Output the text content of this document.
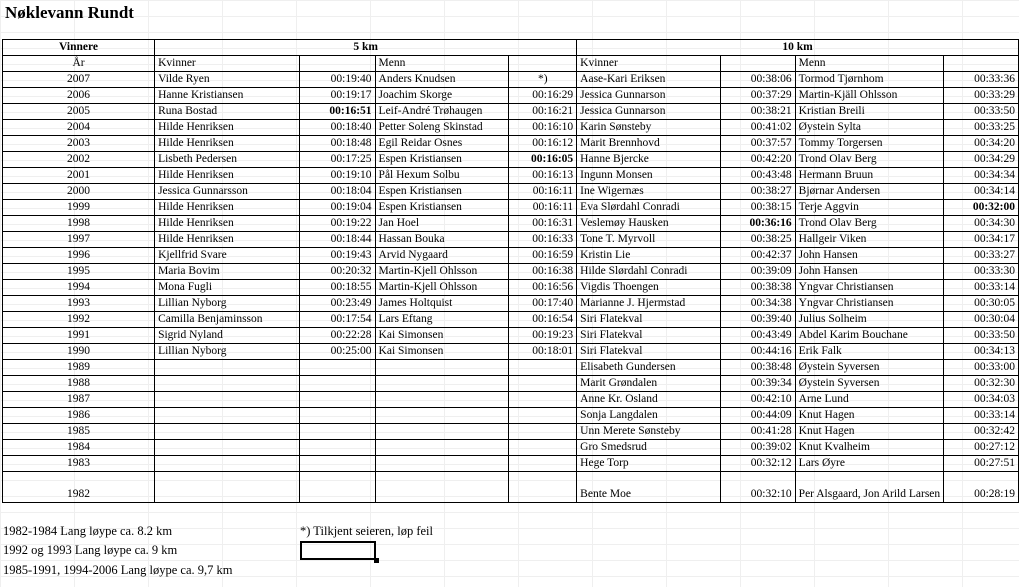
Nøklevann Rundt
Vinnere	5 km				10 km			
År	Kvinner		Menn		Kvinner		Menn	
2007	Vilde Ryen	00:19:40	Anders Knudsen	*)	Aase-Kari Eriksen	00:38:06	Tormod Tjørnhom	00:33:36
2006	Hanne Kristiansen	00:19:17	Joachim Skorge	00:16:29	Jessica Gunnarson	00:37:29	Martin-Kjäll Ohlsson	00:33:29
2005	Runa Bostad	00:16:51	Leif-André Trøhaugen	00:16:21	Jessica Gunnarson	00:38:21	Kristian Breili	00:33:50
2004	Hilde Henriksen	00:18:40	Petter Soleng Skinstad	00:16:10	Karin Sønsteby	00:41:02	Øystein Sylta	00:33:25
2003	Hilde Henriksen	00:18:48	Egil Reidar Osnes	00:16:12	Marit Brennhovd	00:37:57	Tommy Torgersen	00:34:20
2002	Lisbeth Pedersen	00:17:25	Espen Kristiansen	00:16:05	Hanne Bjercke	00:42:20	Trond Olav Berg	00:34:29
2001	Hilde Henriksen	00:19:10	Pål Hexum Solbu	00:16:13	Ingunn Monsen	00:43:48	Hermann Bruun	00:34:34
2000	Jessica Gunnarsson	00:18:04	Espen Kristiansen	00:16:11	Ine Wigernæs	00:38:27	Bjørnar Andersen	00:34:14
1999	Hilde Henriksen	00:19:04	Espen Kristiansen	00:16:11	Eva Slørdahl Conradi	00:38:15	Terje Aggvin	00:32:00
1998	Hilde Henriksen	00:19:22	Jan Hoel	00:16:31	Veslemøy Hausken	00:36:16	Trond Olav Berg	00:34:30
1997	Hilde Henriksen	00:18:44	Hassan Bouka	00:16:33	Tone T. Myrvoll	00:38:25	Hallgeir Viken	00:34:17
1996	Kjellfrid Svare	00:19:43	Arvid Nygaard	00:16:59	Kristin Lie	00:42:37	John Hansen	00:33:27
1995	Maria Bovim	00:20:32	Martin-Kjell Ohlsson	00:16:38	Hilde Slørdahl Conradi	00:39:09	John Hansen	00:33:30
1994	Mona Fugli	00:18:55	Martin-Kjell Ohlsson	00:16:56	Vigdis Thoengen	00:38:38	Yngvar Christiansen	00:33:14
1993	Lillian Nyborg	00:23:49	James Holtquist	00:17:40	Marianne J. Hjermstad	00:34:38	Yngvar Christiansen	00:30:05
1992	Camilla Benjaminsson	00:17:54	Lars Eftang	00:16:54	Siri Flatekval	00:39:40	Julius Solheim	00:30:04
1991	Sigrid Nyland	00:22:28	Kai Simonsen	00:19:23	Siri Flatekval	00:43:49	Abdel Karim Bouchane	00:33:50
1990	Lillian Nyborg	00:25:00	Kai Simonsen	00:18:01	Siri Flatekval	00:44:16	Erik Falk	00:34:13
1989					Elisabeth Gundersen	00:38:48	Øystein Syversen	00:33:00
1988					Marit Grøndalen	00:39:34	Øystein Syversen	00:32:30
1987					Anne Kr. Osland	00:42:10	Arne Lund	00:34:03
1986					Sonja Langdalen	00:44:09	Knut Hagen	00:33:14
1985					Unn Merete Sønsteby	00:41:28	Knut Hagen	00:32:42
1984					Gro Smedsrud	00:39:02	Knut Kvalheim	00:27:12
1983					Hege Torp	00:32:12	Lars Øyre	00:27:51
1982					Bente Moe	00:32:10	Per Alsgaard, Jon Arild Larsen	00:28:19
1982-1984 Lang løype ca. 8.2 km	*) Tilkjent seieren, løp feil
1992 og 1993 Lang løype ca. 9 km
1985-1991, 1994-2006 Lang løype ca. 9,7 km
